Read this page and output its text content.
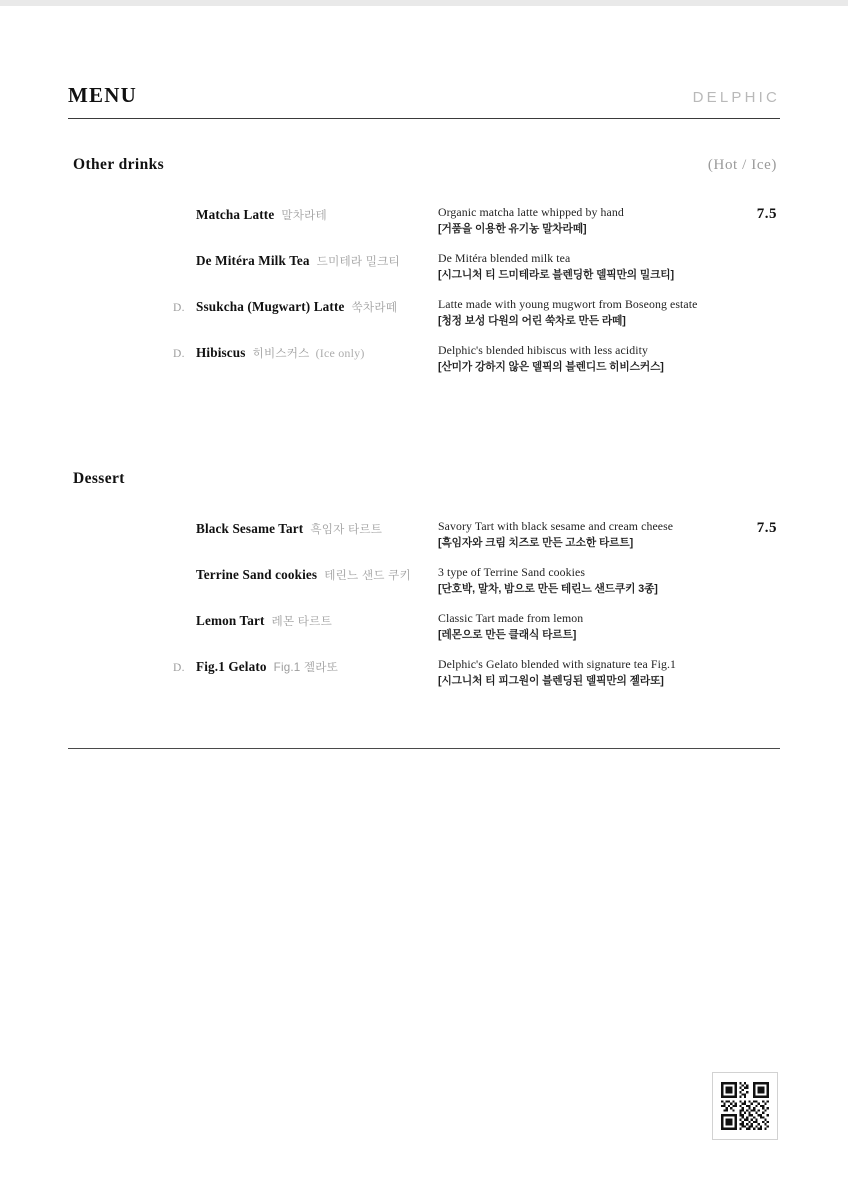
MENU	DELPHIC
Other drinks	(Hot / Ice)
Matcha Latte 말차라테	Organic matcha latte whipped by hand
[거품을 이용한 유기농 말차라떼]
7.5
De Mitéra Milk Tea 드미테라 밀크티	De Mitéra blended milk tea
[시그니처 티 드미테라로 블렌딩한 델픽만의 밀크티]
D. Ssukcha (Mugwart) Latte 쑥차라떼	Latte made with young mugwort from Boseong estate
[청정 보성 다원의 어린 쑥차로 만든 라떼]
D. Hibiscus 히비스커스 (Ice only)	Delphic's blended hibiscus with less acidity
[산미가 강하지 않은 델픽의 블렌디드 히비스커스]
Dessert
Black Sesame Tart 흑임자 타르트	Savory Tart with black sesame and cream cheese
[흑임자와 크림 치즈로 만든 고소한 타르트]
7.5
Terrine Sand cookies 테린느 샌드 쿠키	3 type of Terrine Sand cookies
[단호박, 말차, 밤으로 만든 테린느 샌드쿠키 3종]
Lemon Tart 레몬 타르트	Classic Tart made from lemon
[레몬으로 만든 클래식 타르트]
D. Fig.1 Gelato Fig.1 젤라또	Delphic's Gelato blended with signature tea Fig.1
[시그니처 티 피그원이 블렌딩된 델픽만의 젤라또]
